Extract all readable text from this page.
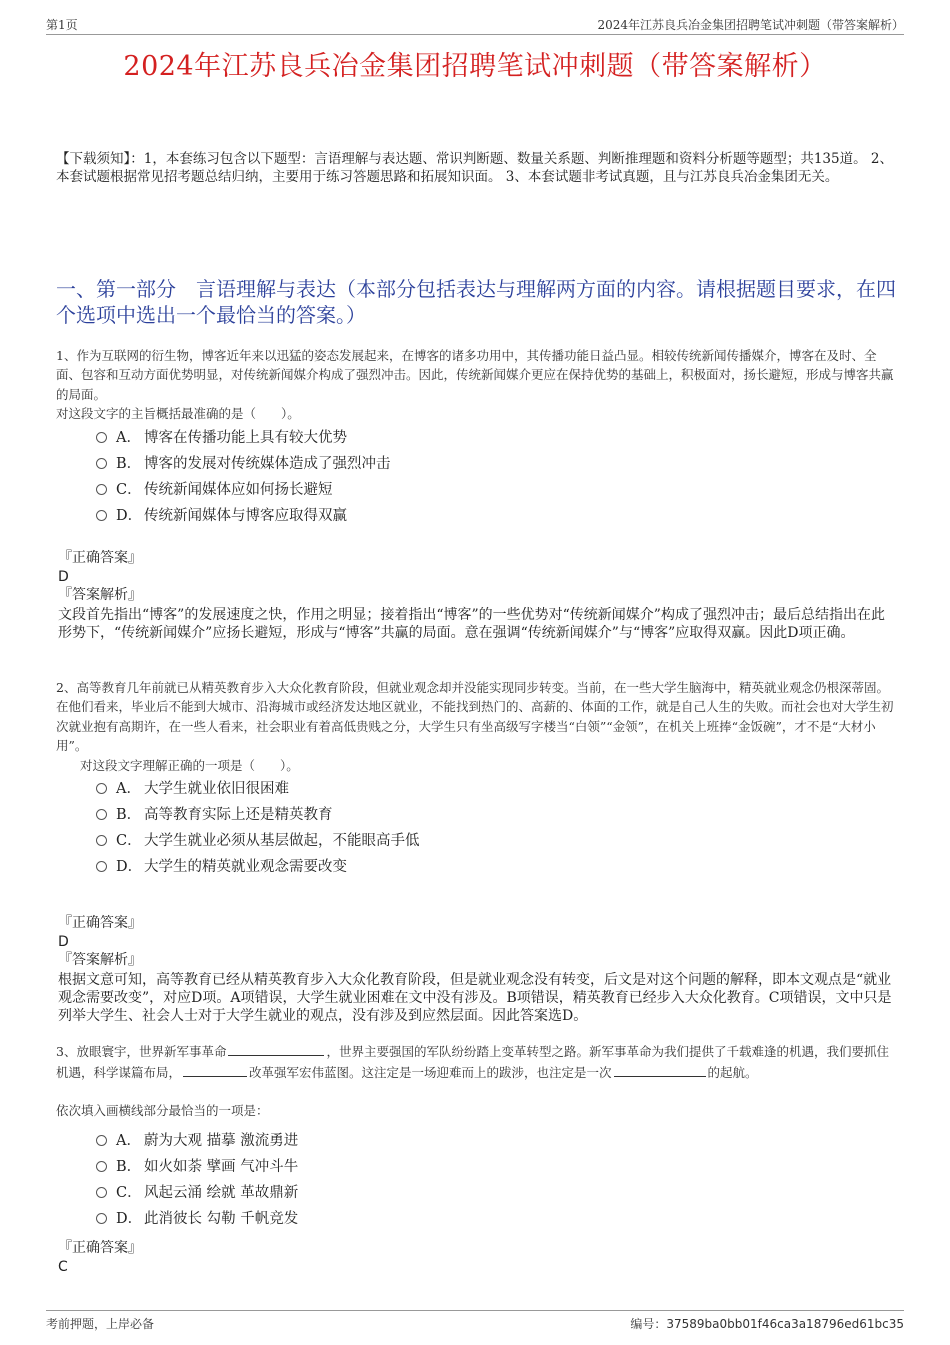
第1页	2024年江苏良兵冶金集团招聘笔试冲刺题（带答案解析）
2024年江苏良兵冶金集团招聘笔试冲刺题（带答案解析）
【下载须知】：1，本套练习包含以下题型：言语理解与表达题、常识判断题、数量关系题、判断推理题和资料分析题等题型；共135道。 2、本套试题根据常见招考题总结归纳，主要用于练习答题思路和拓展知识面。 3、本套试题非考试真题，且与江苏良兵冶金集团无关。
一、第一部分　言语理解与表达（本部分包括表达与理解两方面的内容。请根据题目要求，在四个选项中选出一个最恰当的答案。）
1、作为互联网的衍生物，博客近年来以迅猛的姿态发展起来，在博客的诸多功用中，其传播功能日益凸显。相较传统新闻传播媒介，博客在及时、全面、包容和互动方面优势明显，对传统新闻媒介构成了强烈冲击。因此，传统新闻媒介更应在保持优势的基础上，积极面对，扬长避短，形成与博客共赢的局面。
对这段文字的主旨概括最准确的是（　　）。
A． 博客在传播功能上具有较大优势
B． 博客的发展对传统媒体造成了强烈冲击
C． 传统新闻媒体应如何扬长避短
D． 传统新闻媒体与博客应取得双赢
『正确答案』
D
『答案解析』
文段首先指出“博客”的发展速度之快，作用之明显；接着指出“博客”的一些优势对“传统新闻媒介”构成了强烈冲击；最后总结指出在此形势下，“传统新闻媒介”应扬长避短，形成与“博客”共赢的局面。意在强调“传统新闻媒介”与“博客”应取得双赢。因此D项正确。
2、高等教育几年前就已从精英教育步入大众化教育阶段，但就业观念却并没能实现同步转变。当前，在一些大学生脑海中，精英就业观念仍根深蒂固。在他们看来，毕业后不能到大城市、沿海城市或经济发达地区就业，不能找到热门的、高薪的、体面的工作，就是自己人生的失败。而社会也对大学生初次就业抱有高期许，在一些人看来，社会职业有着高低贵贱之分，大学生只有坐高级写字楼当“白领”“金领”，在机关上班捧“金饭碗”，才不是“大材小用”。
对这段文字理解正确的一项是（　　）。
A． 大学生就业依旧很困难
B． 高等教育实际上还是精英教育
C． 大学生就业必须从基层做起，不能眼高手低
D． 大学生的精英就业观念需要改变
『正确答案』
D
『答案解析』
根据文意可知，高等教育已经从精英教育步入大众化教育阶段，但是就业观念没有转变，后文是对这个问题的解释，即本文观点是“就业观念需要改变”，对应D项。A项错误，大学生就业困难在文中没有涉及。B项错误，精英教育已经步入大众化教育。C项错误，文中只是列举大学生、社会人士对于大学生就业的观点，没有涉及到应然层面。因此答案选D。
3、放眼寰宇，世界新军事革命	，世界主要强国的军队纷纷踏上变革转型之路。新军事革命为我们提供了千载难逢的机遇，我们要抓住机遇，科学谋篇布局，	改革强军宏伟蓝图。这注定是一场迎难而上的跋涉，也注定是一次	的起航。
依次填入画横线部分最恰当的一项是：
A． 蔚为大观 描摹 激流勇进
B． 如火如荼 擘画 气冲斗牛
C． 风起云涌 绘就 革故鼎新
D． 此消彼长 勾勒 千帆竞发
『正确答案』
C
考前押题，上岸必备	编号：37589ba0bb01f46ca3a18796ed61bc35
